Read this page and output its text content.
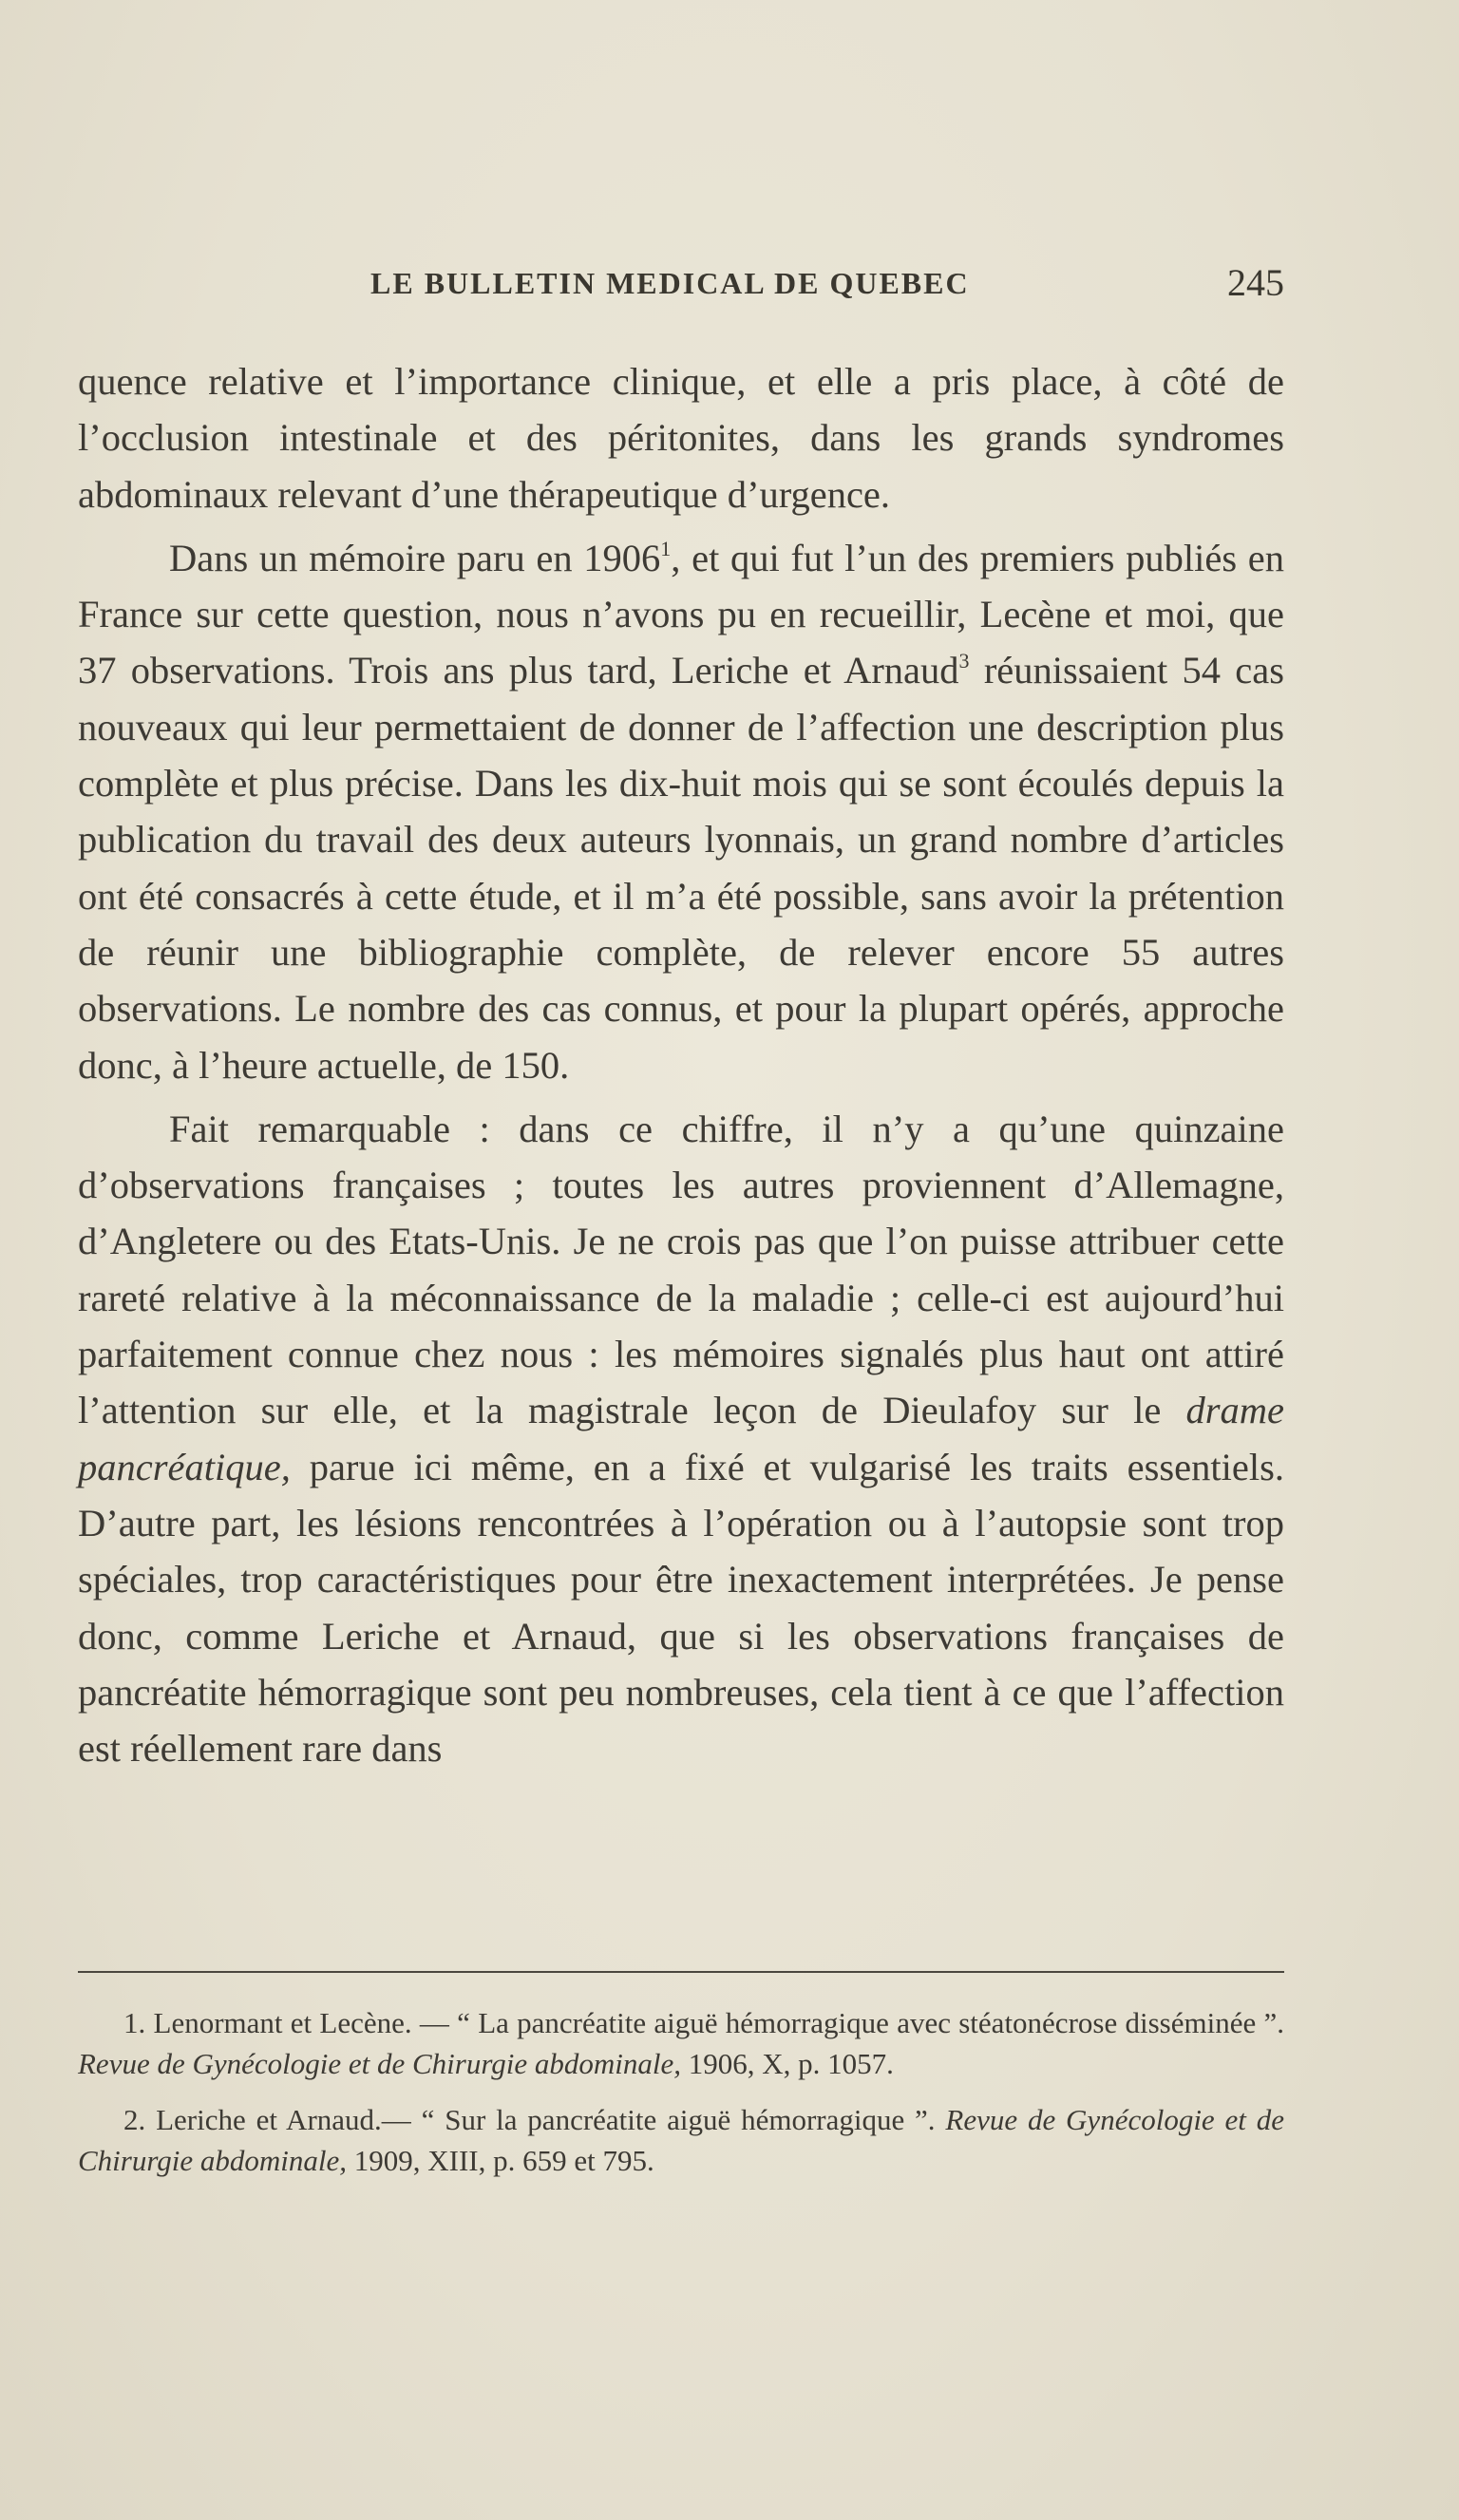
LE BULLETIN MEDICAL DE QUEBEC	245

quence relative et l’importance clinique, et elle a pris place, à côté de l’occlusion intestinale et des péritonites, dans les grands syndromes abdominaux relevant d’une thérapeutique d’urgence.

Dans un mémoire paru en 1906$^1$, et qui fut l’un des premiers publiés en France sur cette question, nous n’avons pu en recueillir, Lecène et moi, que 37 observations. Trois ans plus tard, Leriche et Arnaud$^3$ réunissaient 54 cas nouveaux qui leur permettaient de donner de l’affection une description plus complète et plus précise. Dans les dix-huit mois qui se sont écoulés depuis la publication du travail des deux auteurs lyonnais, un grand nombre d’articles ont été consacrés à cette étude, et il m’a été possible, sans avoir la prétention de réunir une bibliographie complète, de relever encore 55 autres observations. Le nombre des cas connus, et pour la plupart opérés, approche donc, à l’heure actuelle, de 150.

Fait remarquable : dans ce chiffre, il n’y a qu’une quinzaine d’observations françaises ; toutes les autres proviennent d’Allemagne, d’Angletere ou des Etats-Unis. Je ne crois pas que l’on puisse attribuer cette rareté relative à la méconnaissance de la maladie ; celle-ci est aujourd’hui parfaitement connue chez nous : les mémoires signalés plus haut ont attiré l’attention sur elle, et la magistrale leçon de Dieulafoy sur le drame pancréatique, parue ici même, en a fixé et vulgarisé les traits essentiels. D’autre part, les lésions rencontrées à l’opération ou à l’autopsie sont trop spéciales, trop caractéristiques pour être inexactement interprétées. Je pense donc, comme Leriche et Arnaud, que si les observations françaises de pancréatite hémorragique sont peu nombreuses, cela tient à ce que l’affection est réellement rare dans

1. Lenormant et Lecène. — “ La pancréatite aiguë hémorragique avec stéatonécrose disséminée ”. Revue de Gynécologie et de Chirurgie abdominale, 1906, X, p. 1057.

2. Leriche et Arnaud.— “ Sur la pancréatite aiguë hémorragique ”. Revue de Gynécologie et de Chirurgie abdominale, 1909, XIII, p. 659 et 795.
